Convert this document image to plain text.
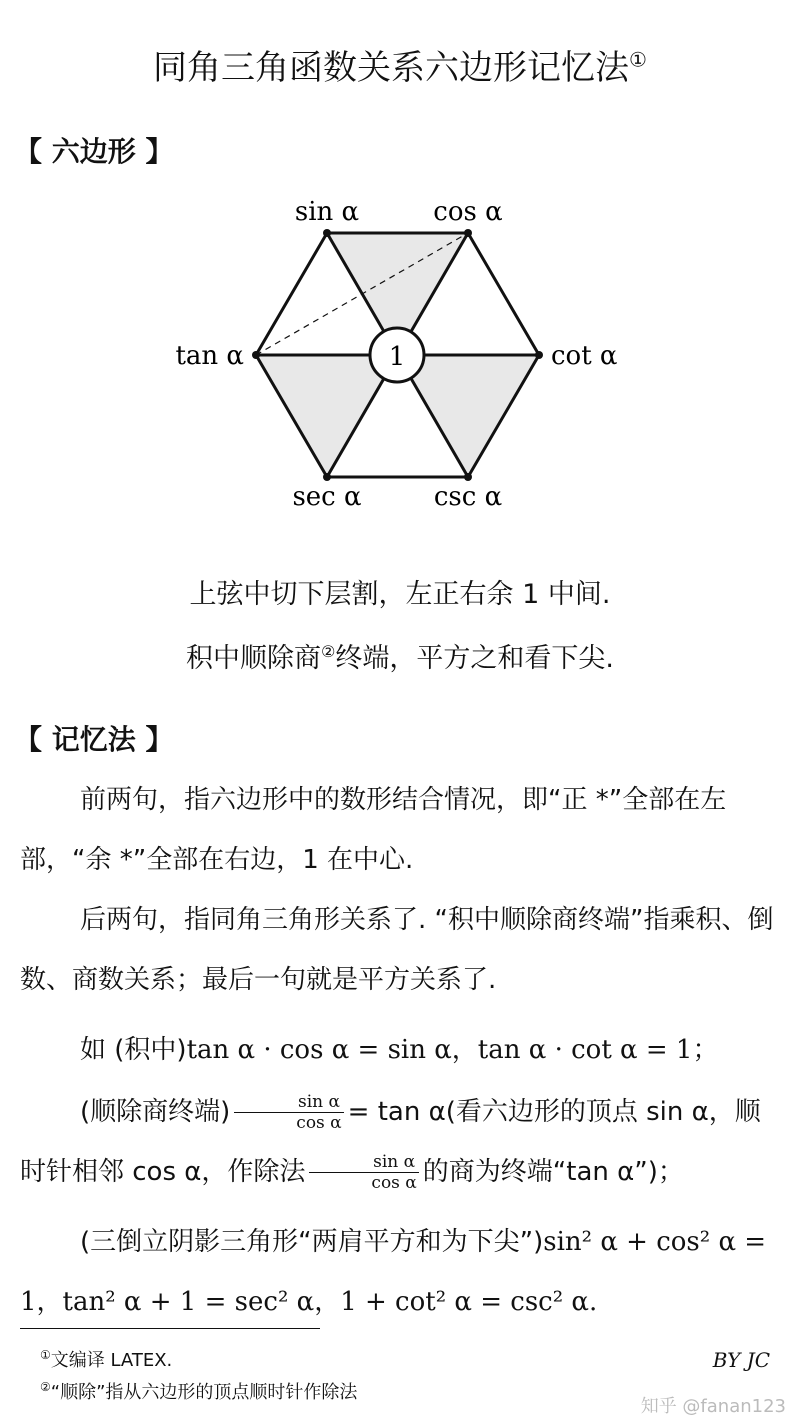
同角三角函数关系六边形记忆法①
【 六边形 】
1
sin α	cos α
tan α	cot α
sec α	csc α
上弦中切下层割，左正右余 1 中间.
积中顺除商②终端，平方之和看下尖.
【 记忆法 】
前两句，指六边形中的数形结合情况，即“正 *”全部在左部，“余 *”全部在右边，1 在中心.
后两句，指同角三角形关系了. “积中顺除商终端”指乘积、倒数、商数关系；最后一句就是平方关系了.
如 (积中)tan α · cos α = sin α，tan α · cot α = 1；
(顺除商终端) $\frac{\text{sin α}}{\text{cos α}} = \tan \alpha$(看六边形的顶点 sin α，顺时针相邻 cos α，作除法 $\frac{\text{sin α}}{\text{cos α}}$ 的商为终端“tan α”)；
(三倒立阴影三角形“两肩平方和为下尖”)sin² α + cos² α = 1，tan² α + 1 = sec² α，1 + cot² α = csc² α.
①文编译 LATEX.
②“顺除”指从六边形的顶点顺时针作除法
BY JC
知乎 @fanan123
